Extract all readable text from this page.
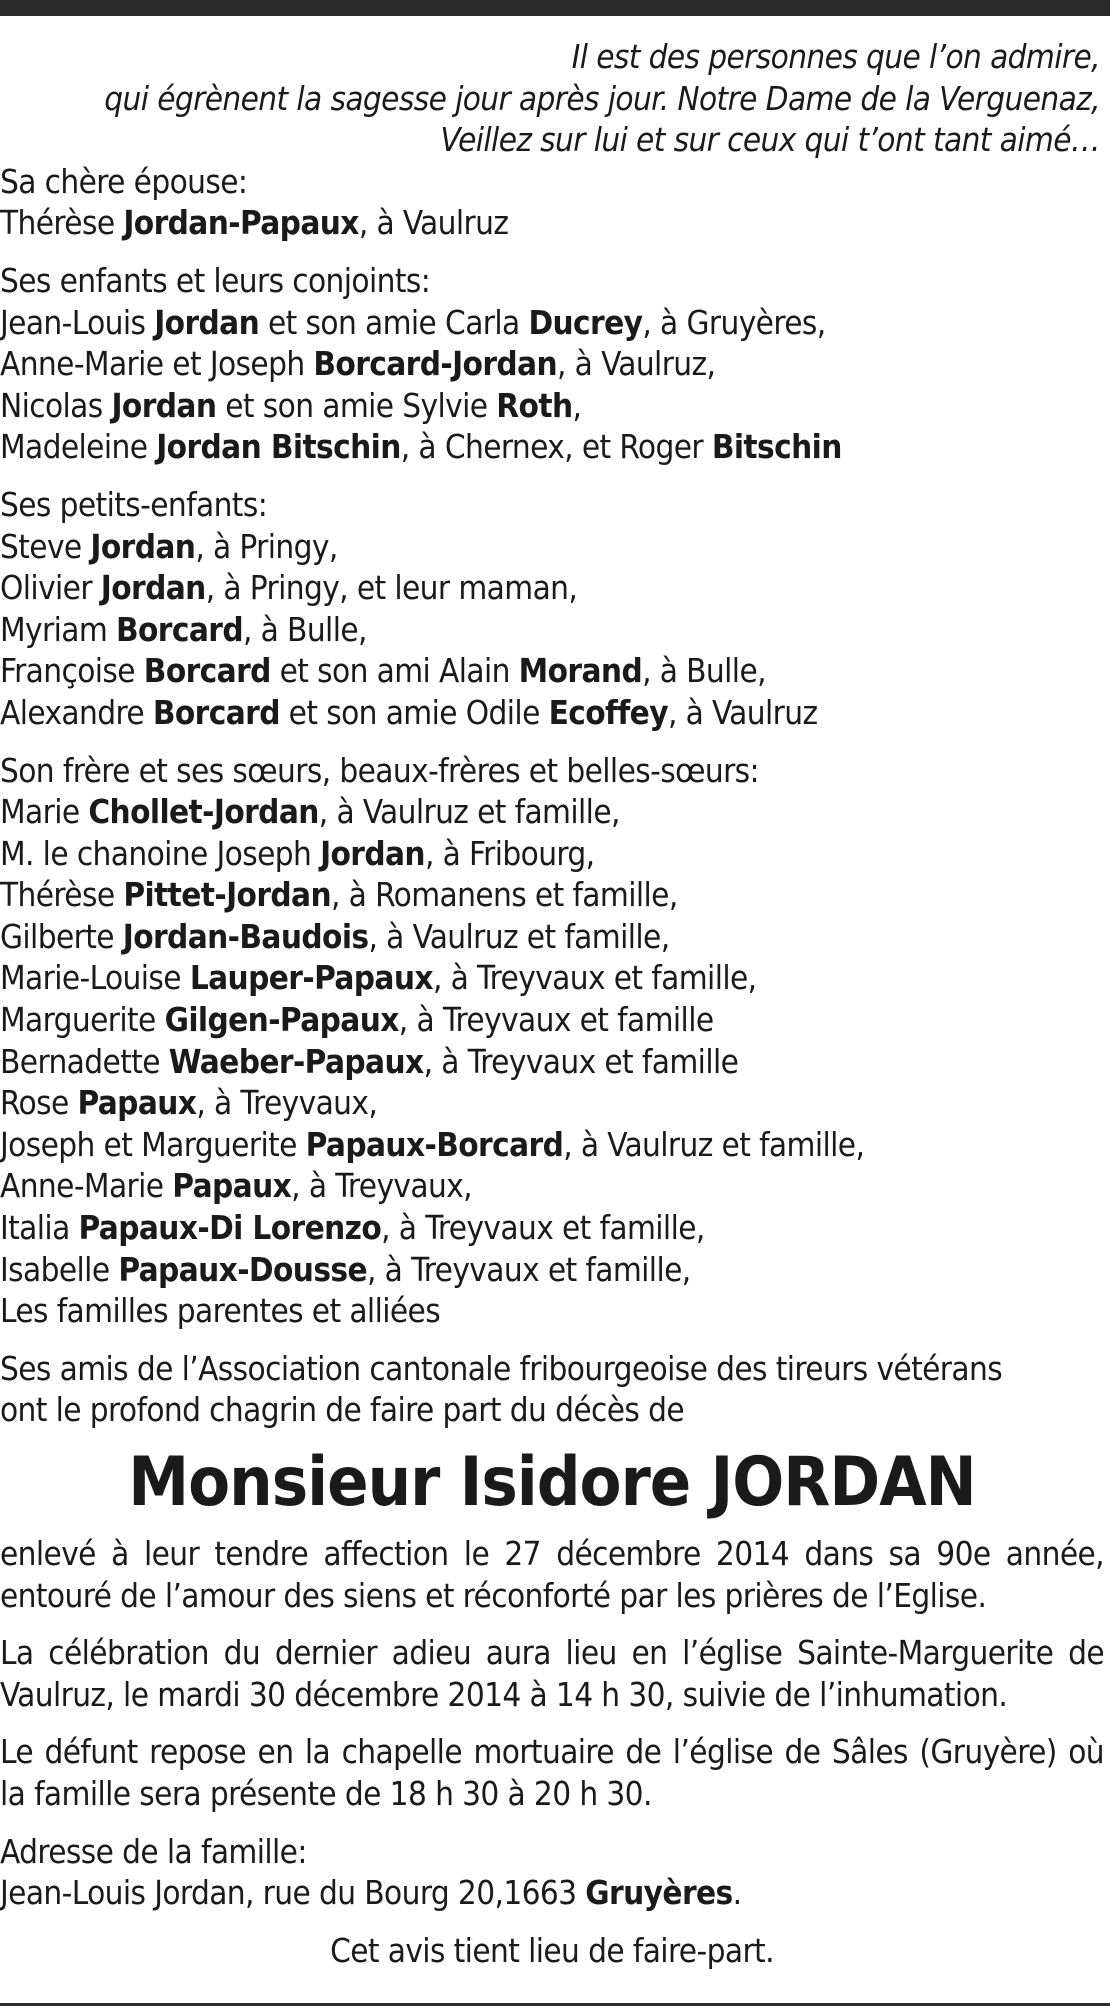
Il est des personnes que l’on admire,
qui égrènent la sagesse jour après jour. Notre Dame de la Verguenaz,
Veillez sur lui et sur ceux qui t’ont tant aimé…
Sa chère épouse:
Thérèse Jordan-Papaux, à Vaulruz
Ses enfants et leurs conjoints:
Jean-Louis Jordan et son amie Carla Ducrey, à Gruyères,
Anne-Marie et Joseph Borcard-Jordan, à Vaulruz,
Nicolas Jordan et son amie Sylvie Roth,
Madeleine Jordan Bitschin, à Chernex, et Roger Bitschin
Ses petits-enfants:
Steve Jordan, à Pringy,
Olivier Jordan, à Pringy, et leur maman,
Myriam Borcard, à Bulle,
Françoise Borcard et son ami Alain Morand, à Bulle,
Alexandre Borcard et son amie Odile Ecoffey, à Vaulruz
Son frère et ses sœurs, beaux-frères et belles-sœurs:
Marie Chollet-Jordan, à Vaulruz et famille,
M. le chanoine Joseph Jordan, à Fribourg,
Thérèse Pittet-Jordan, à Romanens et famille,
Gilberte Jordan-Baudois, à Vaulruz et famille,
Marie-Louise Lauper-Papaux, à Treyvaux et famille,
Marguerite Gilgen-Papaux, à Treyvaux et famille
Bernadette Waeber-Papaux, à Treyvaux et famille
Rose Papaux, à Treyvaux,
Joseph et Marguerite Papaux-Borcard, à Vaulruz et famille,
Anne-Marie Papaux, à Treyvaux,
Italia Papaux-Di Lorenzo, à Treyvaux et famille,
Isabelle Papaux-Dousse, à Treyvaux et famille,
Les familles parentes et alliées
Ses amis de l’Association cantonale fribourgeoise des tireurs vétérans
ont le profond chagrin de faire part du décès de
Monsieur Isidore JORDAN
enlevé à leur tendre affection le 27 décembre 2014 dans sa 90e année, entouré de l’amour des siens et réconforté par les prières de l’Eglise.
La célébration du dernier adieu aura lieu en l’église Sainte-Marguerite de Vaulruz, le mardi 30 décembre 2014 à 14 h 30, suivie de l’inhumation.
Le défunt repose en la chapelle mortuaire de l’église de Sâles (Gruyère) où la famille sera présente de 18 h 30 à 20 h 30.
Adresse de la famille:
Jean-Louis Jordan, rue du Bourg 20,1663 Gruyères.
Cet avis tient lieu de faire-part.
